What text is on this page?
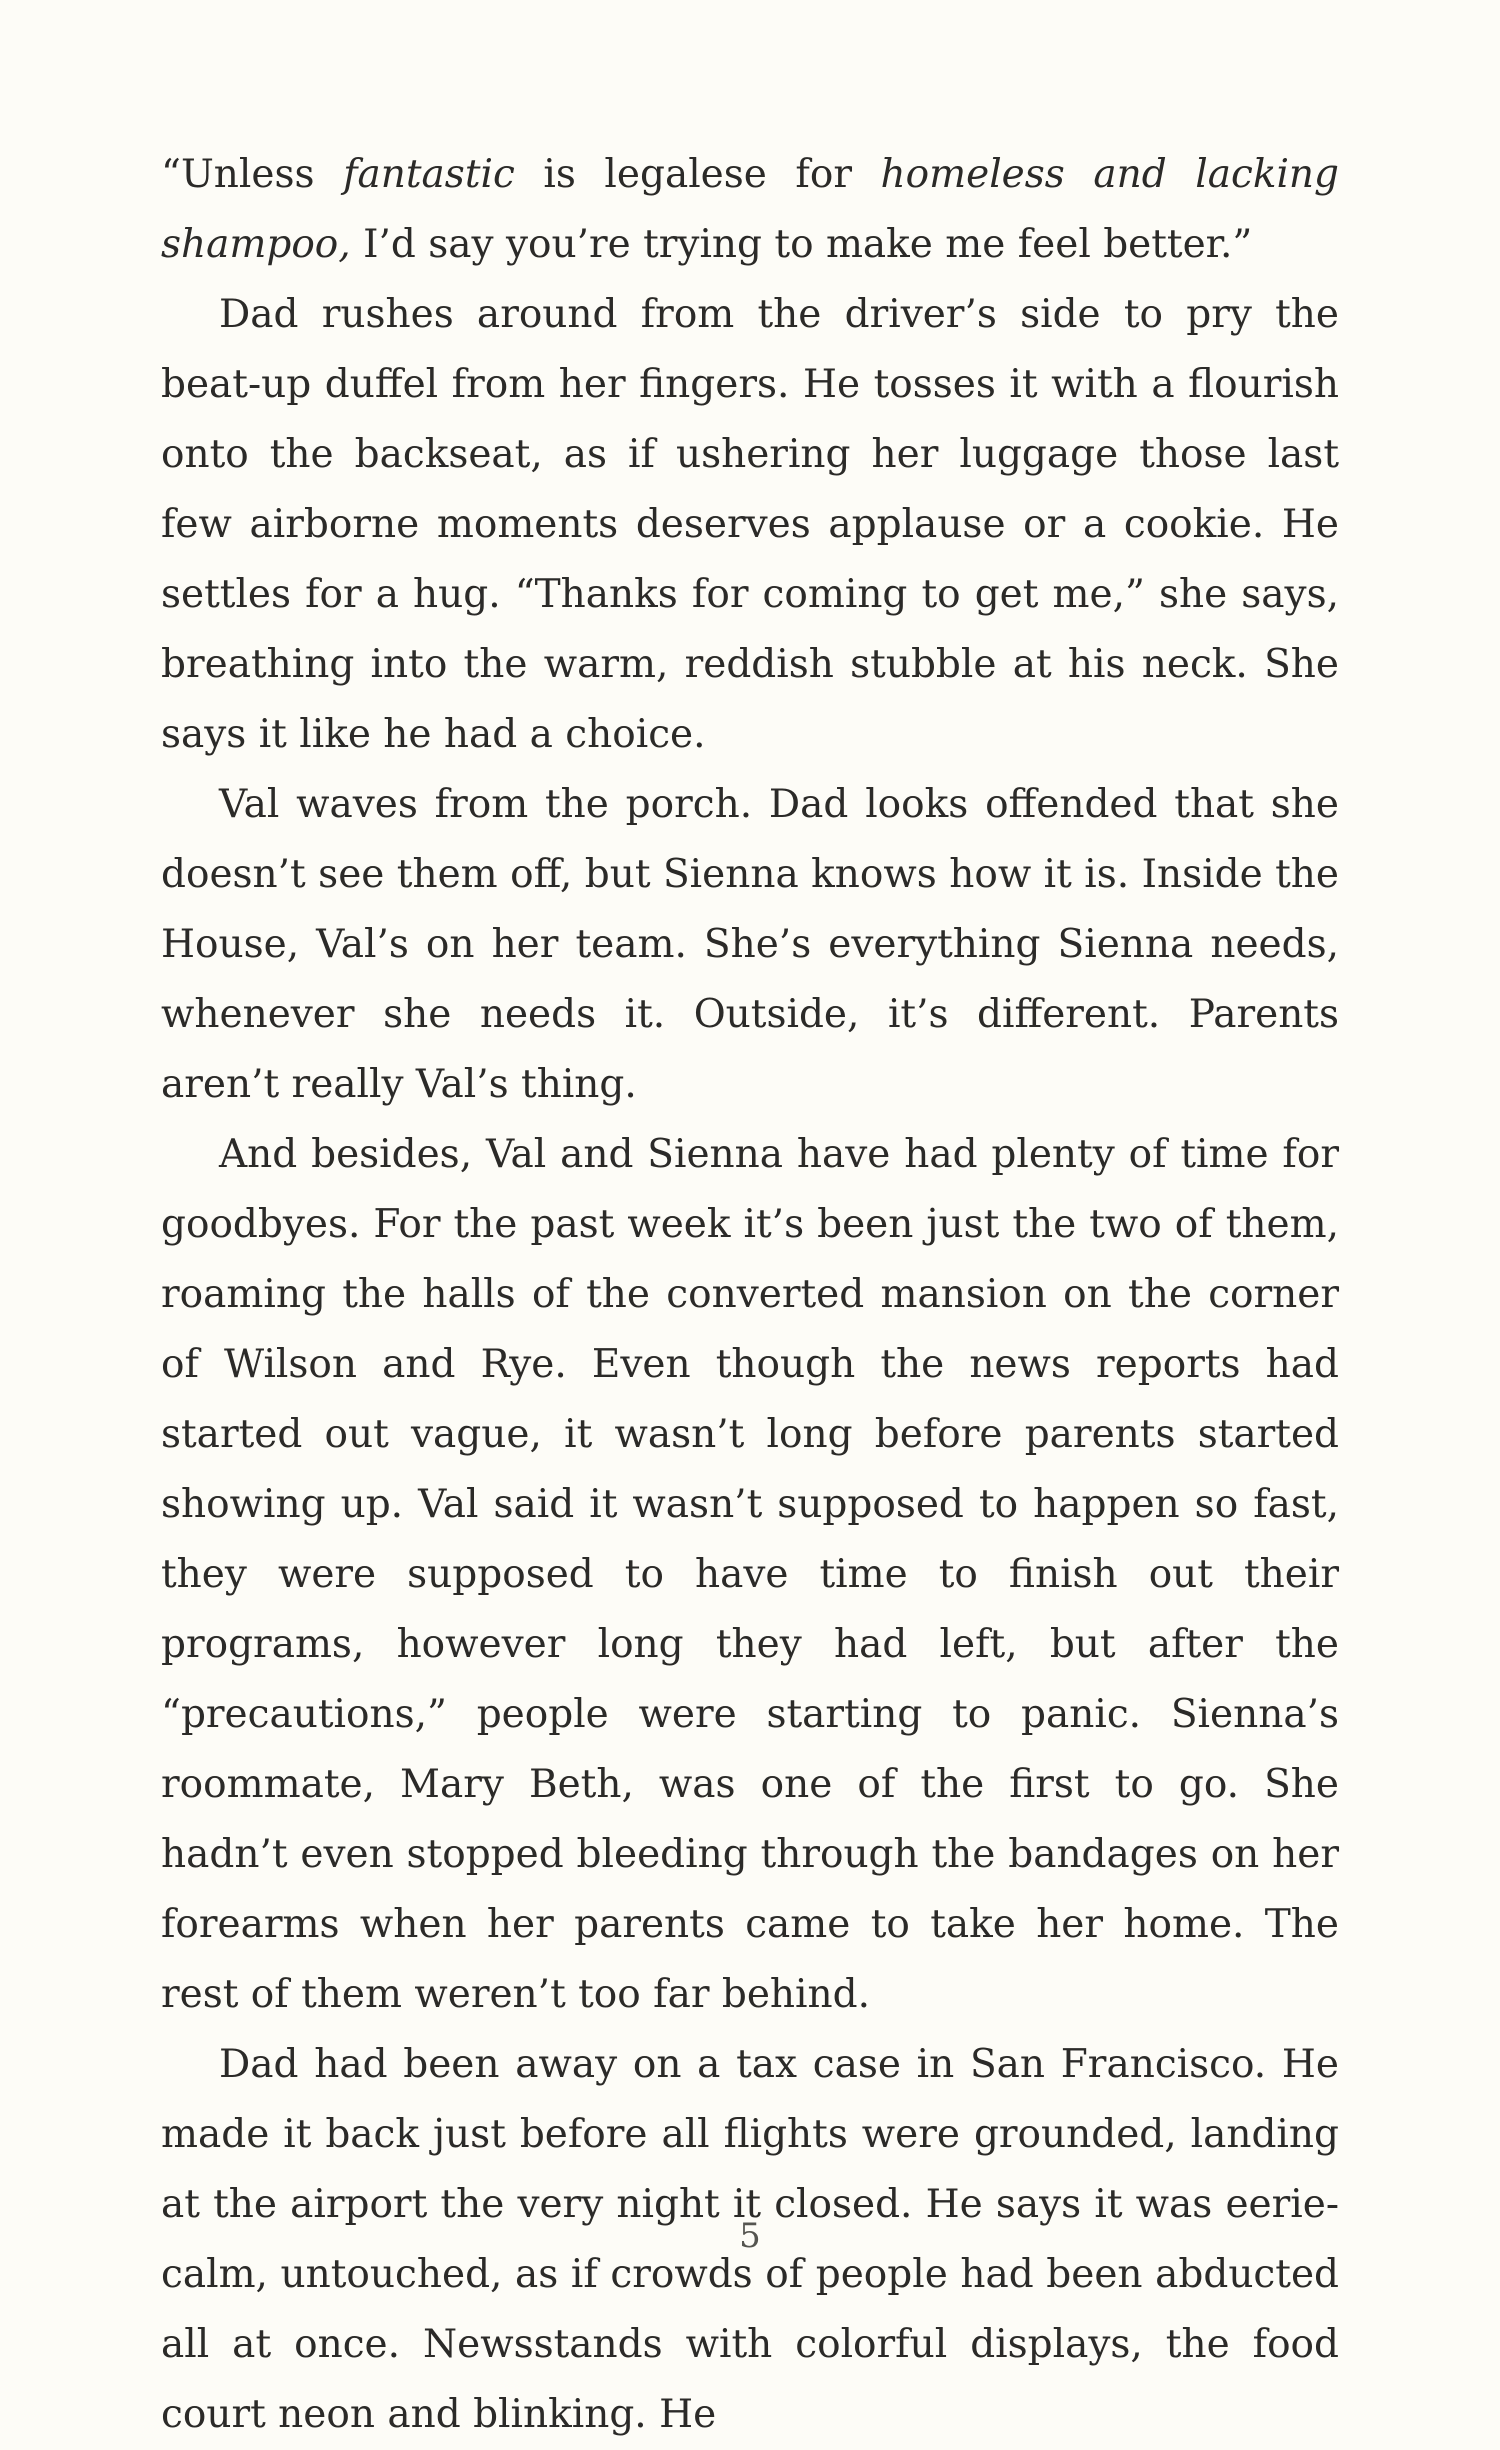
“Unless fantastic is legalese for homeless and lacking shampoo, I’d say you’re trying to make me feel better.”

Dad rushes around from the driver’s side to pry the beat-up duffel from her fingers. He tosses it with a flourish onto the backseat, as if ushering her luggage those last few airborne moments deserves applause or a cookie. He settles for a hug. “Thanks for coming to get me,” she says, breathing into the warm, reddish stubble at his neck. She says it like he had a choice.

Val waves from the porch. Dad looks offended that she doesn’t see them off, but Sienna knows how it is. Inside the House, Val’s on her team. She’s everything Sienna needs, whenever she needs it. Outside, it’s different. Parents aren’t really Val’s thing.

And besides, Val and Sienna have had plenty of time for goodbyes. For the past week it’s been just the two of them, roaming the halls of the converted mansion on the corner of Wilson and Rye. Even though the news reports had started out vague, it wasn’t long before parents started showing up. Val said it wasn’t supposed to happen so fast, they were supposed to have time to finish out their programs, however long they had left, but after the “precautions,” people were starting to panic. Sienna’s roommate, Mary Beth, was one of the first to go. She hadn’t even stopped bleeding through the bandages on her forearms when her parents came to take her home. The rest of them weren’t too far behind.

Dad had been away on a tax case in San Francisco. He made it back just before all flights were grounded, landing at the airport the very night it closed. He says it was eerie-calm, untouched, as if crowds of people had been abducted all at once. Newsstands with colorful displays, the food court neon and blinking. He

5
